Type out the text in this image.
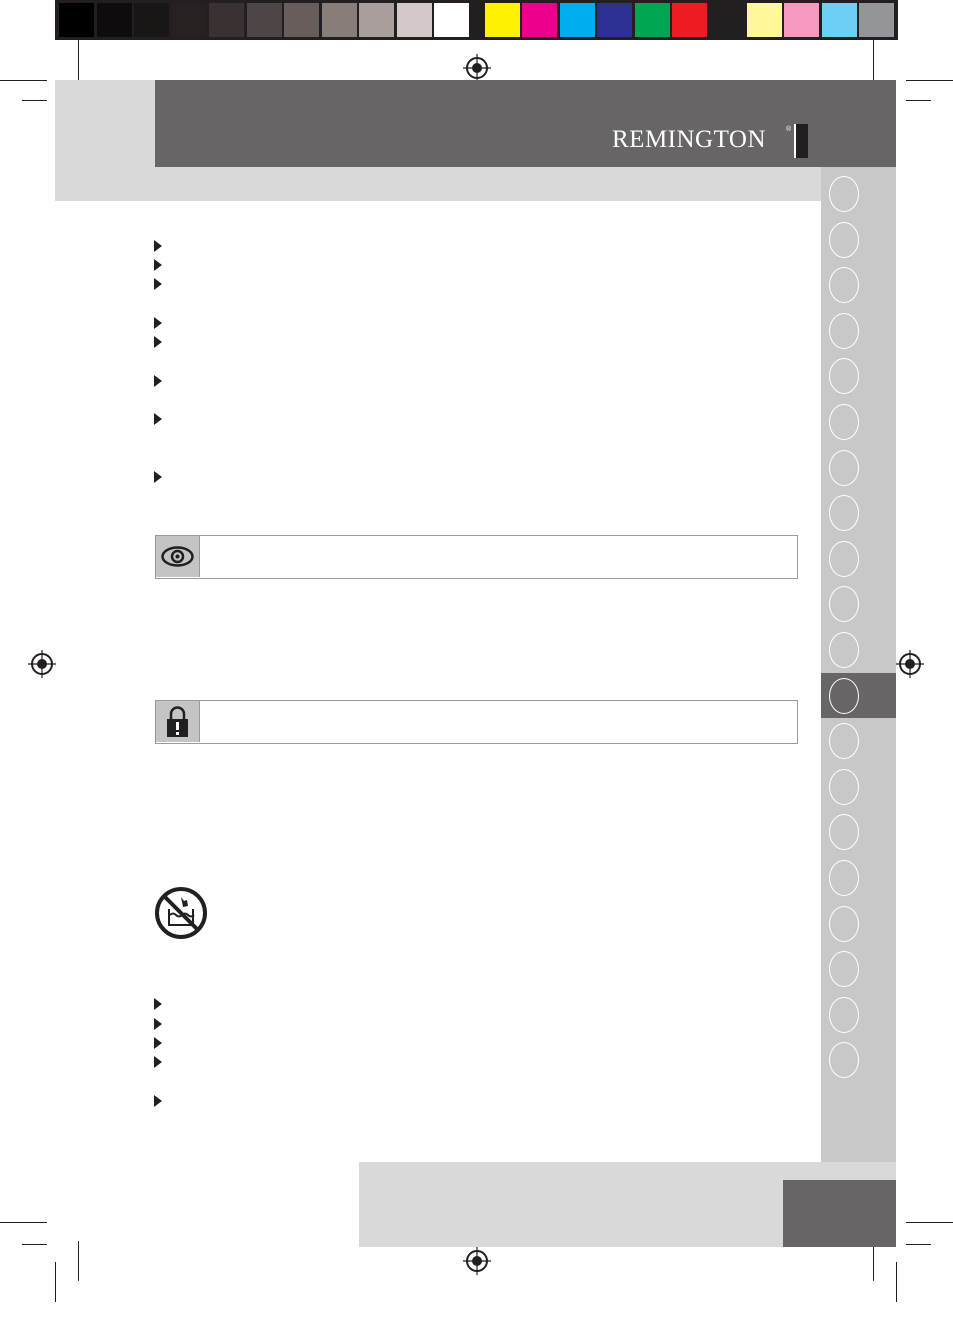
REMINGTON	®
